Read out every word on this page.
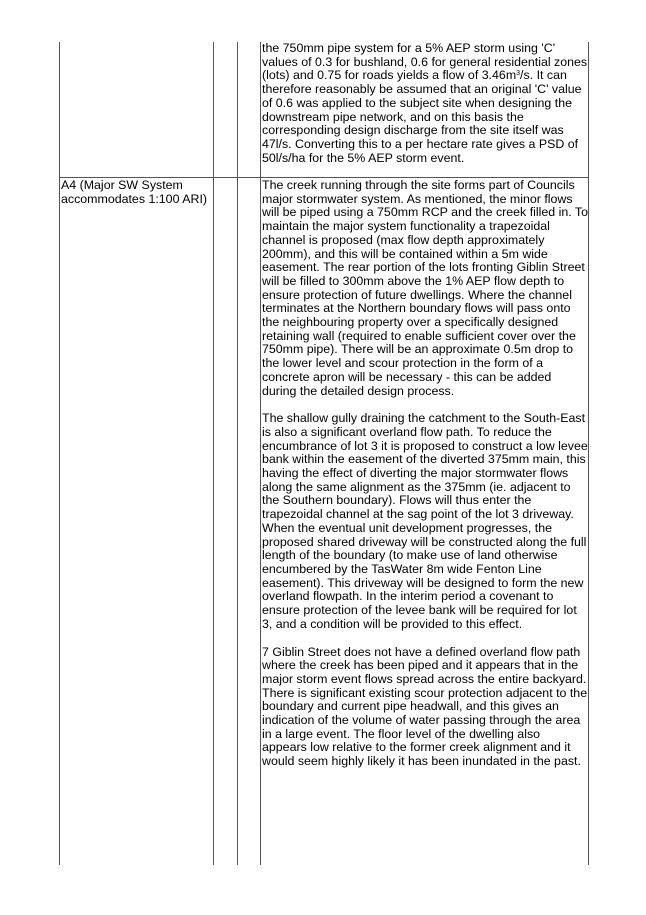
the 750mm pipe system for a 5% AEP storm using 'C' values of 0.3 for bushland, 0.6 for general residential zones (lots) and 0.75 for roads yields a flow of $3.46m^3/s$. It can therefore reasonably be assumed that an original 'C' value of 0.6 was applied to the subject site when designing the downstream pipe network, and on this basis the corresponding design discharge from the site itself was 47l/s. Converting this to a per hectare rate gives a PSD of 50l/s/ha for the 5% AEP storm event.

A4 (Major SW System accommodates 1:100 ARI)

The creek running through the site forms part of Councils major stormwater system. As mentioned, the minor flows will be piped using a 750mm RCP and the creek filled in. To maintain the major system functionality a trapezoidal channel is proposed (max flow depth approximately 200mm), and this will be contained within a 5m wide easement. The rear portion of the lots fronting Giblin Street will be filled to 300mm above the 1% AEP flow depth to ensure protection of future dwellings. Where the channel terminates at the Northern boundary flows will pass onto the neighbouring property over a specifically designed retaining wall (required to enable sufficient cover over the 750mm pipe). There will be an approximate 0.5m drop to the lower level and scour protection in the form of a concrete apron will be necessary - this can be added during the detailed design process.

The shallow gully draining the catchment to the South-East is also a significant overland flow path. To reduce the encumbrance of lot 3 it is proposed to construct a low levee bank within the easement of the diverted 375mm main, this having the effect of diverting the major stormwater flows along the same alignment as the 375mm (ie. adjacent to the Southern boundary). Flows will thus enter the trapezoidal channel at the sag point of the lot 3 driveway. When the eventual unit development progresses, the proposed shared driveway will be constructed along the full length of the boundary (to make use of land otherwise encumbered by the TasWater 8m wide Fenton Line easement). This driveway will be designed to form the new overland flowpath. In the interim period a covenant to ensure protection of the levee bank will be required for lot 3, and a condition will be provided to this effect.

7 Giblin Street does not have a defined overland flow path where the creek has been piped and it appears that in the major storm event flows spread across the entire backyard. There is significant existing scour protection adjacent to the boundary and current pipe headwall, and this gives an indication of the volume of water passing through the area in a large event. The floor level of the dwelling also appears low relative to the former creek alignment and it would seem highly likely it has been inundated in the past.
